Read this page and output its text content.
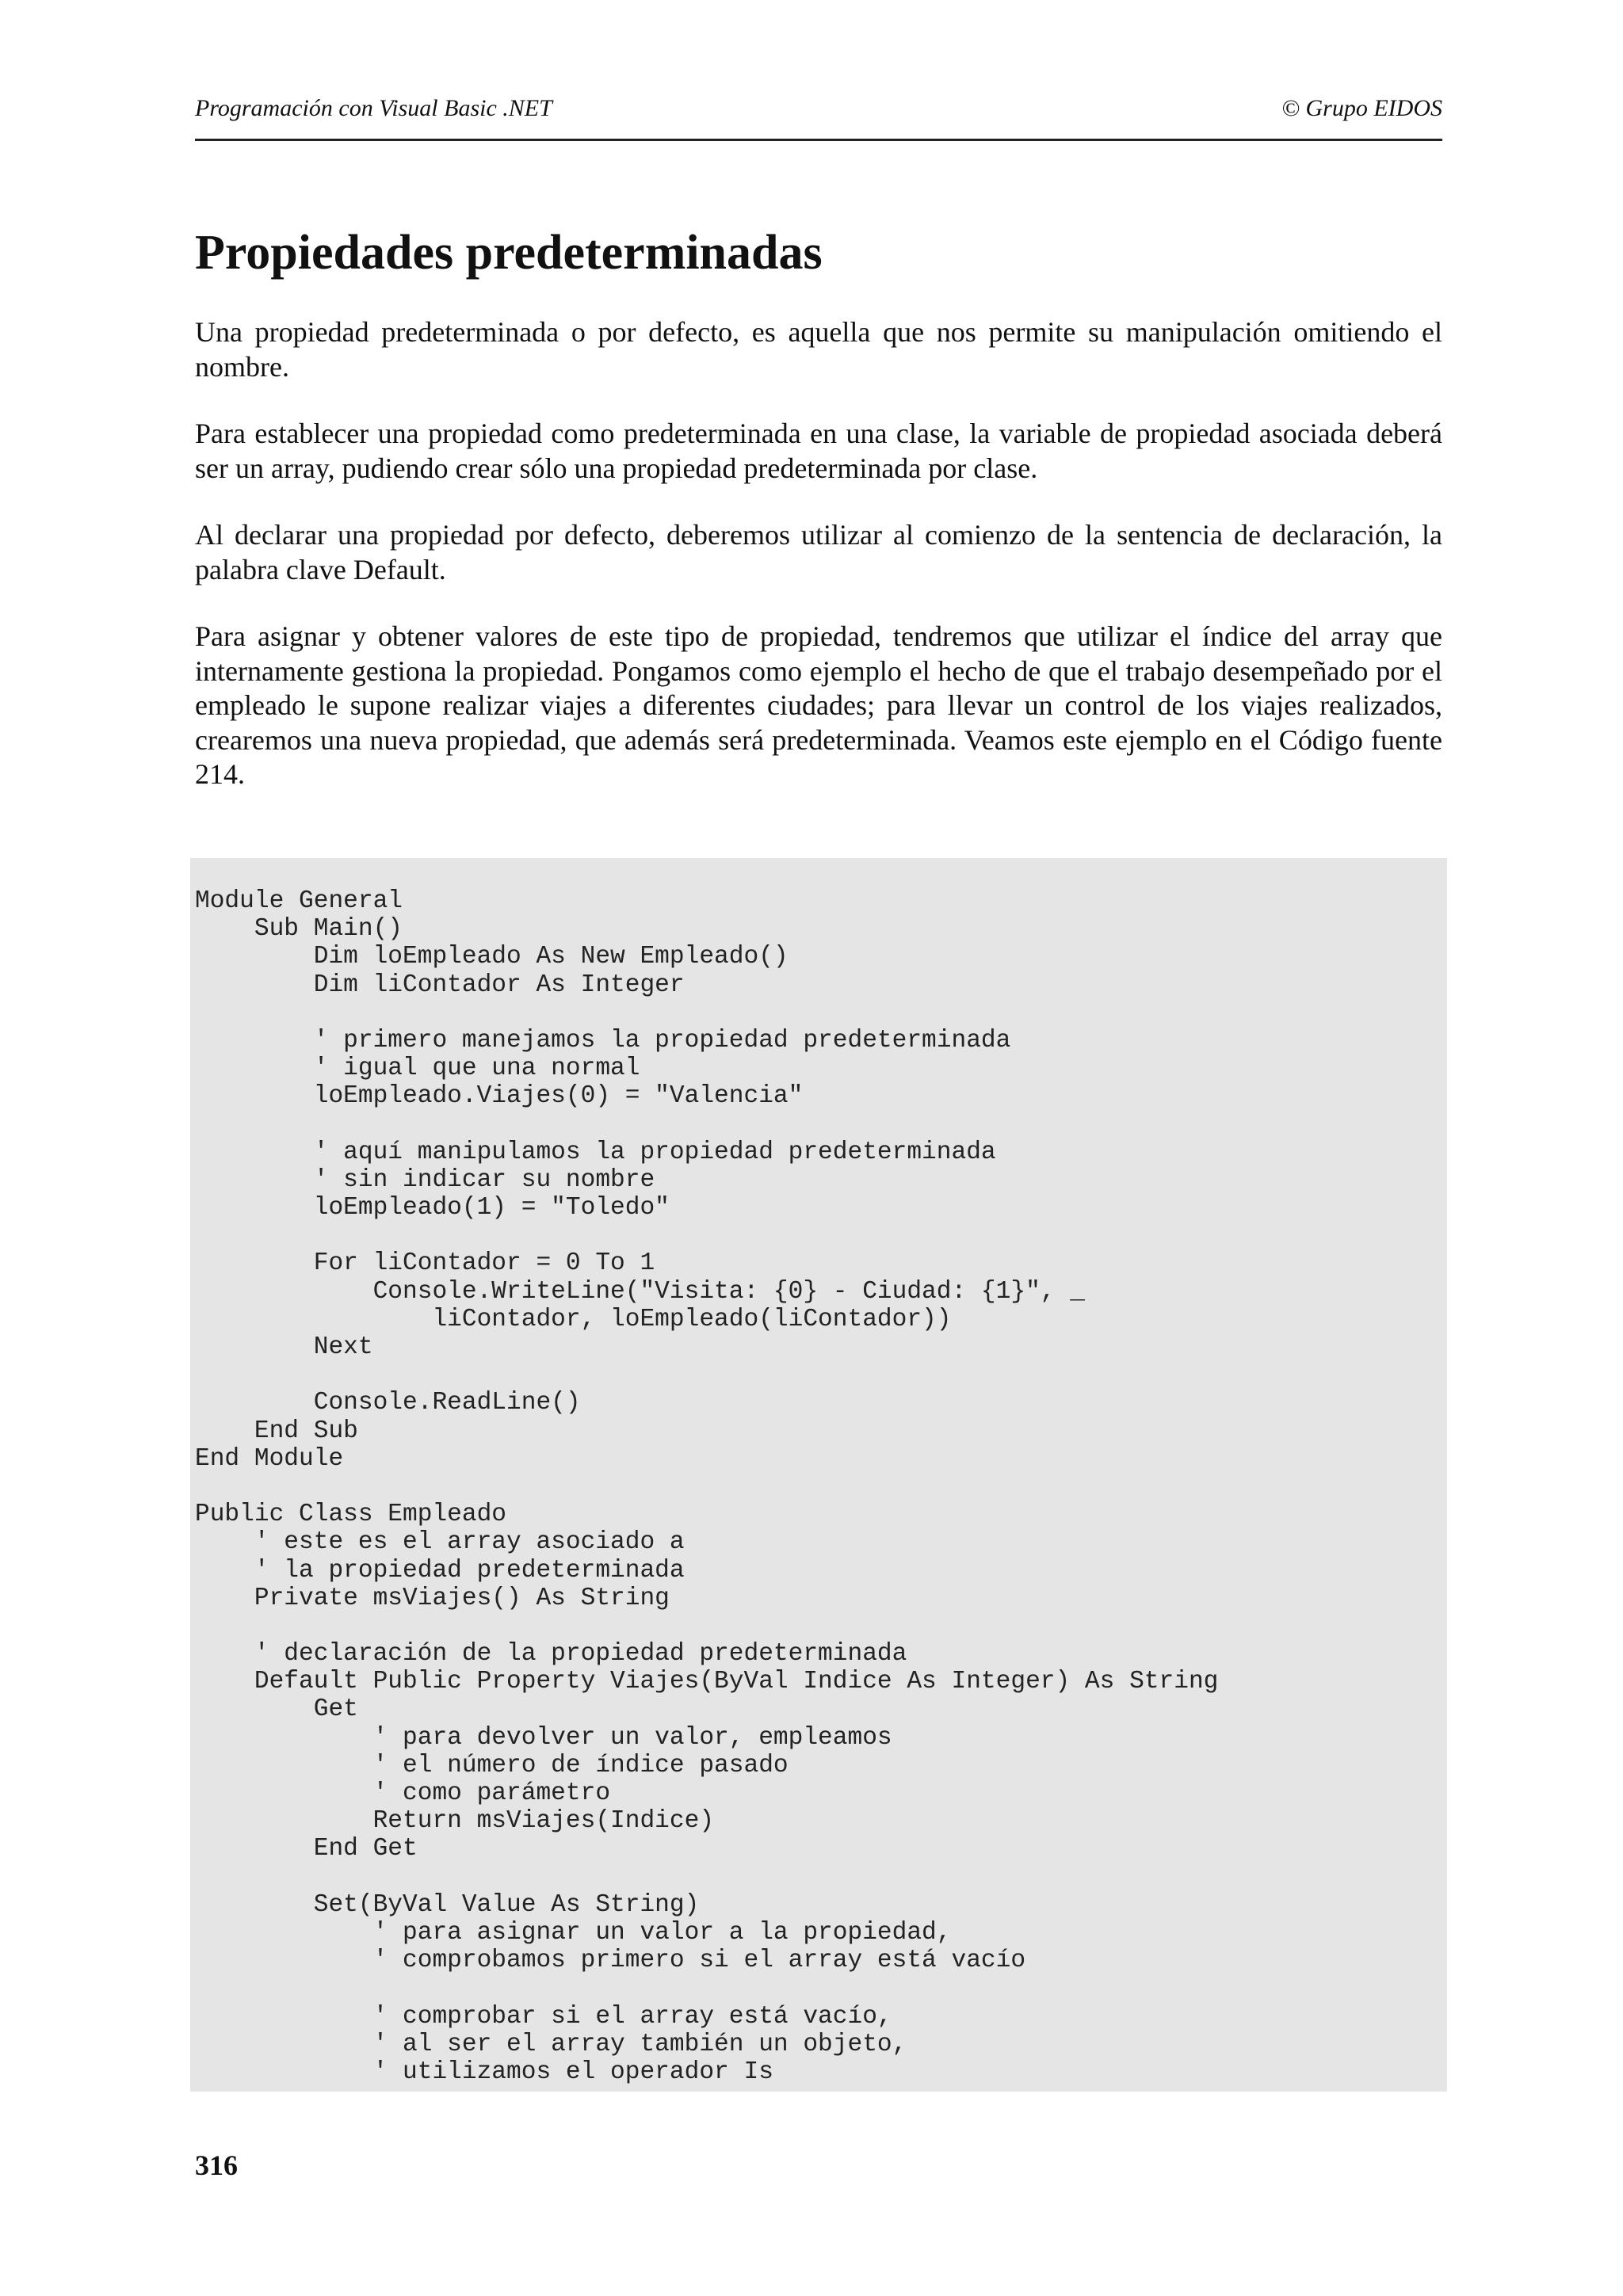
Programación con Visual Basic .NET	© Grupo EIDOS
Propiedades predeterminadas

Una propiedad predeterminada o por defecto, es aquella que nos permite su manipulación omitiendo el nombre.

Para establecer una propiedad como predeterminada en una clase, la variable de propiedad asociada deberá ser un array, pudiendo crear sólo una propiedad predeterminada por clase.

Al declarar una propiedad por defecto, deberemos utilizar al comienzo de la sentencia de declaración, la palabra clave Default.

Para asignar y obtener valores de este tipo de propiedad, tendremos que utilizar el índice del array que internamente gestiona la propiedad. Pongamos como ejemplo el hecho de que el trabajo desempeñado por el empleado le supone realizar viajes a diferentes ciudades; para llevar un control de los viajes realizados, crearemos una nueva propiedad, que además será predeterminada. Veamos este ejemplo en el Código fuente 214.

Module General
Sub Main()
Dim loEmpleado As New Empleado()
Dim liContador As Integer
' primero manejamos la propiedad predeterminada
' igual que una normal
loEmpleado.Viajes(0) = "Valencia"
' aquí manipulamos la propiedad predeterminada
' sin indicar su nombre
loEmpleado(1) = "Toledo"
For liContador = 0 To 1
Console.WriteLine("Visita: {0} - Ciudad: {1}", _
liContador, loEmpleado(liContador))
Next
Console.ReadLine()
End Sub
End Module
Public Class Empleado
' este es el array asociado a
' la propiedad predeterminada
Private msViajes() As String
' declaración de la propiedad predeterminada
Default Public Property Viajes(ByVal Indice As Integer) As String
Get
' para devolver un valor, empleamos
' el número de índice pasado
' como parámetro
Return msViajes(Indice)
End Get
Set(ByVal Value As String)
' para asignar un valor a la propiedad,
' comprobamos primero si el array está vacío
' comprobar si el array está vacío,
' al ser el array también un objeto,
' utilizamos el operador Is
316
